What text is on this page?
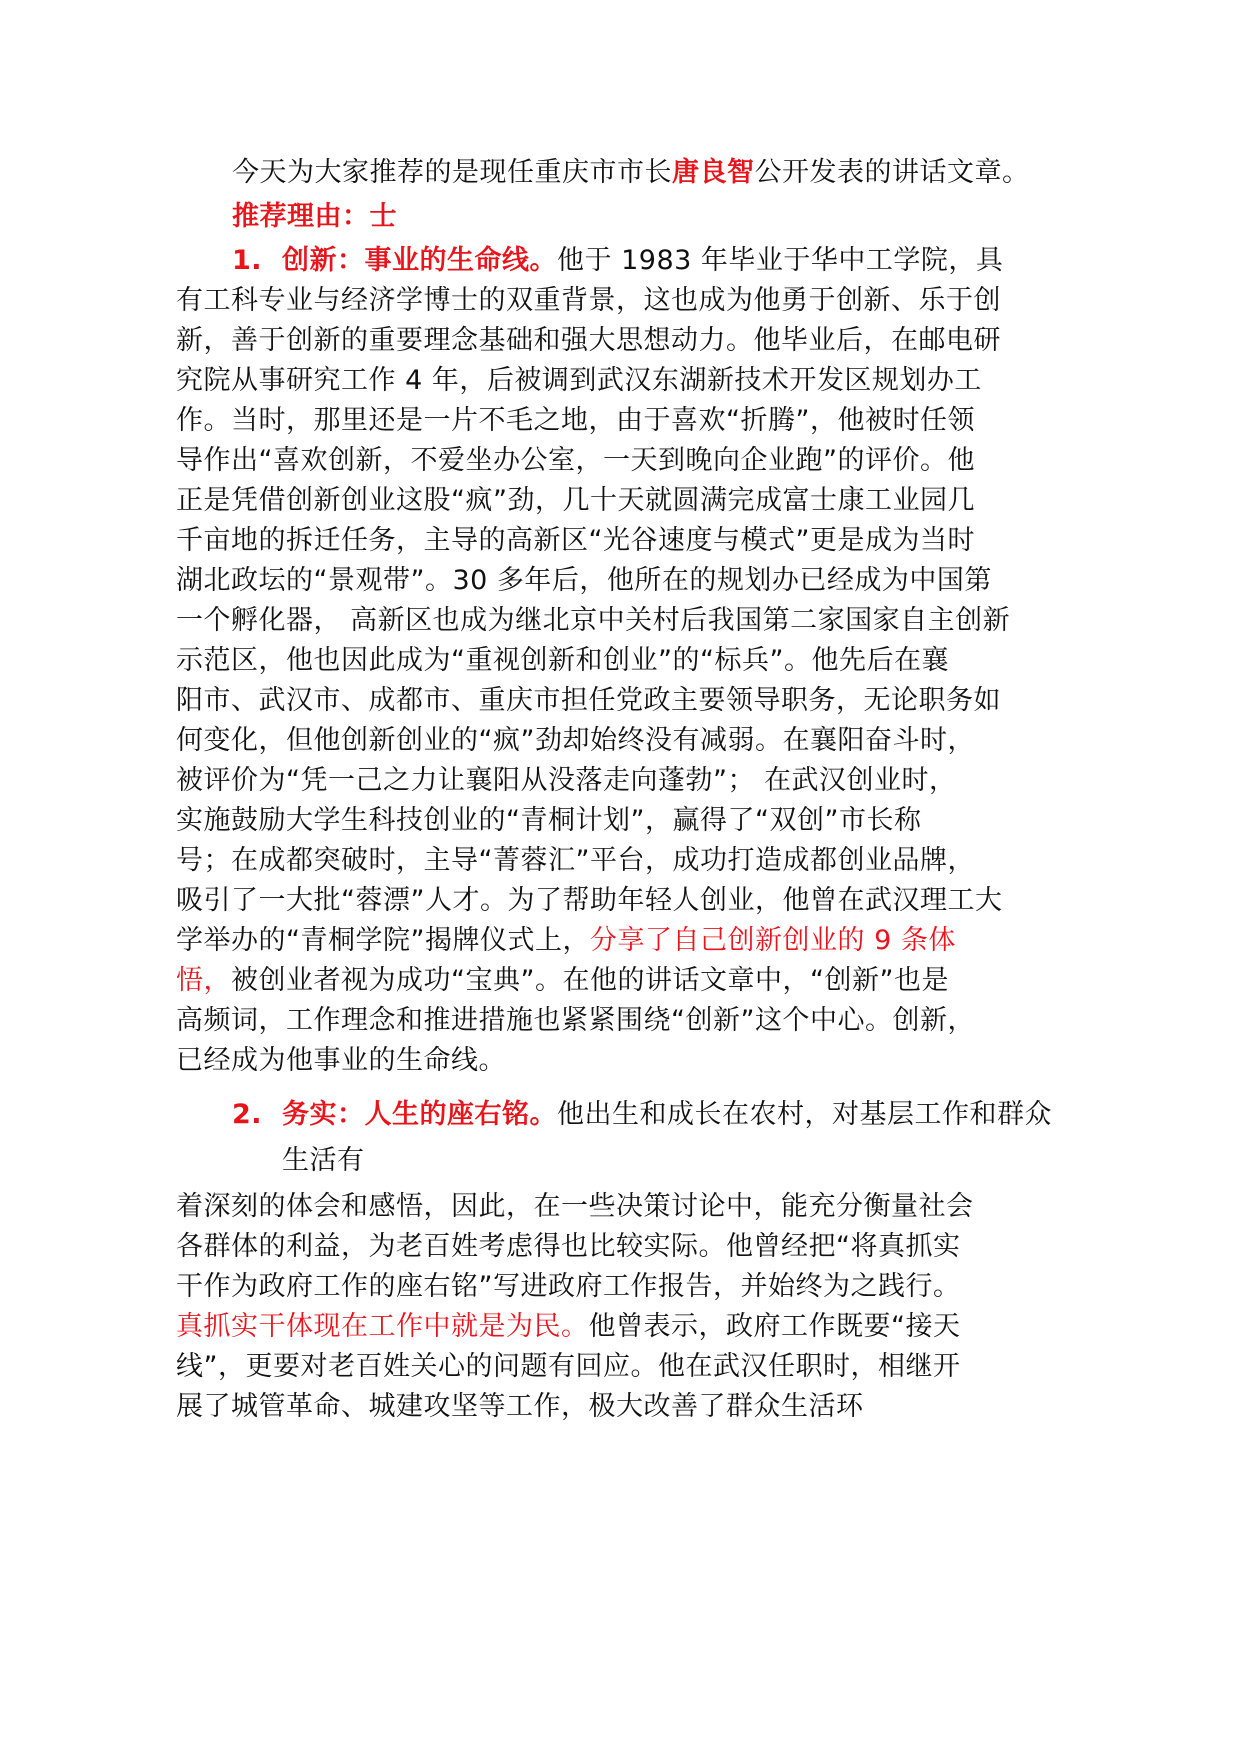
今天为大家推荐的是现任重庆市市长唐良智公开发表的讲话文章。
推荐理由：士
1. 创新：事业的生命线。他于 1983 年毕业于华中工学院，具
有工科专业与经济学博士的双重背景，这也成为他勇于创新、乐于创
新，善于创新的重要理念基础和强大思想动力。他毕业后，在邮电研
究院从事研究工作 4 年，后被调到武汉东湖新技术开发区规划办工
作。当时，那里还是一片不毛之地，由于喜欢“折腾”，他被时任领
导作出“喜欢创新，不爱坐办公室，一天到晚向企业跑”的评价。他
正是凭借创新创业这股“疯”劲，几十天就圆满完成富士康工业园几
千亩地的拆迁任务，主导的高新区“光谷速度与模式”更是成为当时
湖北政坛的“景观带”。30 多年后，他所在的规划办已经成为中国第
一个孵化器， 高新区也成为继北京中关村后我国第二家国家自主创新
示范区，他也因此成为“重视创新和创业”的“标兵”。他先后在襄
阳市、武汉市、成都市、重庆市担任党政主要领导职务，无论职务如
何变化，但他创新创业的“疯”劲却始终没有减弱。在襄阳奋斗时，
被评价为“凭一己之力让襄阳从没落走向蓬勃”； 在武汉创业时，
实施鼓励大学生科技创业的“青桐计划”，赢得了“双创”市长称
号；在成都突破时，主导“菁蓉汇”平台，成功打造成都创业品牌，
吸引了一大批“蓉漂”人才。为了帮助年轻人创业，他曾在武汉理工大
学举办的“青桐学院”揭牌仪式上，分享了自己创新创业的 9 条体
悟，被创业者视为成功“宝典”。在他的讲话文章中，“创新”也是
高频词，工作理念和推进措施也紧紧围绕“创新”这个中心。创新，
已经成为他事业的生命线。
2. 务实：人生的座右铭。他出生和成长在农村，对基层工作和群众
生活有
着深刻的体会和感悟，因此，在一些决策讨论中，能充分衡量社会
各群体的利益，为老百姓考虑得也比较实际。他曾经把“将真抓实
干作为政府工作的座右铭”写进政府工作报告，并始终为之践行。
真抓实干体现在工作中就是为民。他曾表示，政府工作既要“接天
线”，更要对老百姓关心的问题有回应。他在武汉任职时，相继开
展了城管革命、城建攻坚等工作，极大改善了群众生活环
